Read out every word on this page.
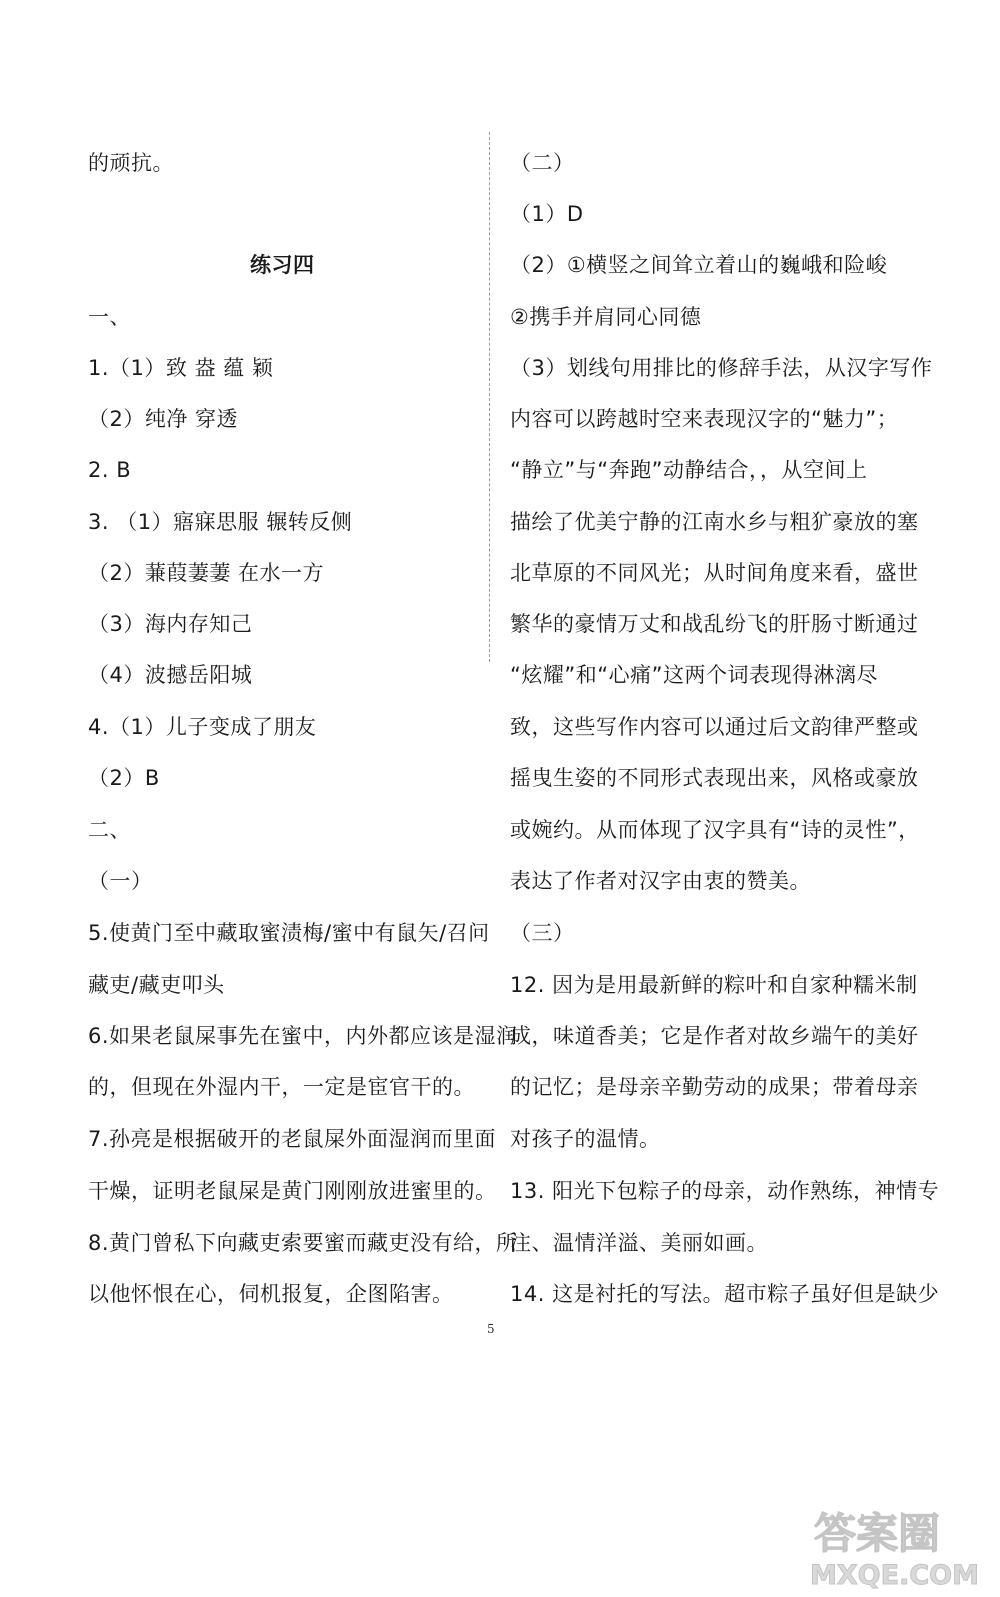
的顽抗。
练习四
一、
1.（1）致 盎 蕴 颖
（2）纯净 穿透
2. B
3. （1）寤寐思服 辗转反侧
（2）蒹葭萋萋 在水一方
（3）海内存知己
（4）波撼岳阳城
4.（1）儿子变成了朋友
（2）B
二、
（一）
5.使黄门至中藏取蜜渍梅/蜜中有鼠矢/召问
藏吏/藏吏叩头
6.如果老鼠屎事先在蜜中，内外都应该是湿润
的，但现在外湿内干，一定是宦官干的。
7.孙亮是根据破开的老鼠屎外面湿润而里面
干燥，证明老鼠屎是黄门刚刚放进蜜里的。
8.黄门曾私下向藏吏索要蜜而藏吏没有给，所
以他怀恨在心，伺机报复，企图陷害。
（二）
（1）D
（2）①横竖之间耸立着山的巍峨和险峻
②携手并肩同心同德
（3）划线句用排比的修辞手法，从汉字写作
内容可以跨越时空来表现汉字的“魅力”；
“静立”与“奔跑”动静结合，，从空间上
描绘了优美宁静的江南水乡与粗犷豪放的塞
北草原的不同风光；从时间角度来看，盛世
繁华的豪情万丈和战乱纷飞的肝肠寸断通过
“炫耀”和“心痛”这两个词表现得淋漓尽
致，这些写作内容可以通过后文韵律严整或
摇曳生姿的不同形式表现出来，风格或豪放
或婉约。从而体现了汉字具有“诗的灵性”，
表达了作者对汉字由衷的赞美。
（三）
12. 因为是用最新鲜的粽叶和自家种糯米制
成，味道香美；它是作者对故乡端午的美好
的记忆；是母亲辛勤劳动的成果；带着母亲
对孩子的温情。
13. 阳光下包粽子的母亲，动作熟练，神情专
注、温情洋溢、美丽如画。
14. 这是衬托的写法。超市粽子虽好但是缺少
5
答案圈
MXQE.COM
